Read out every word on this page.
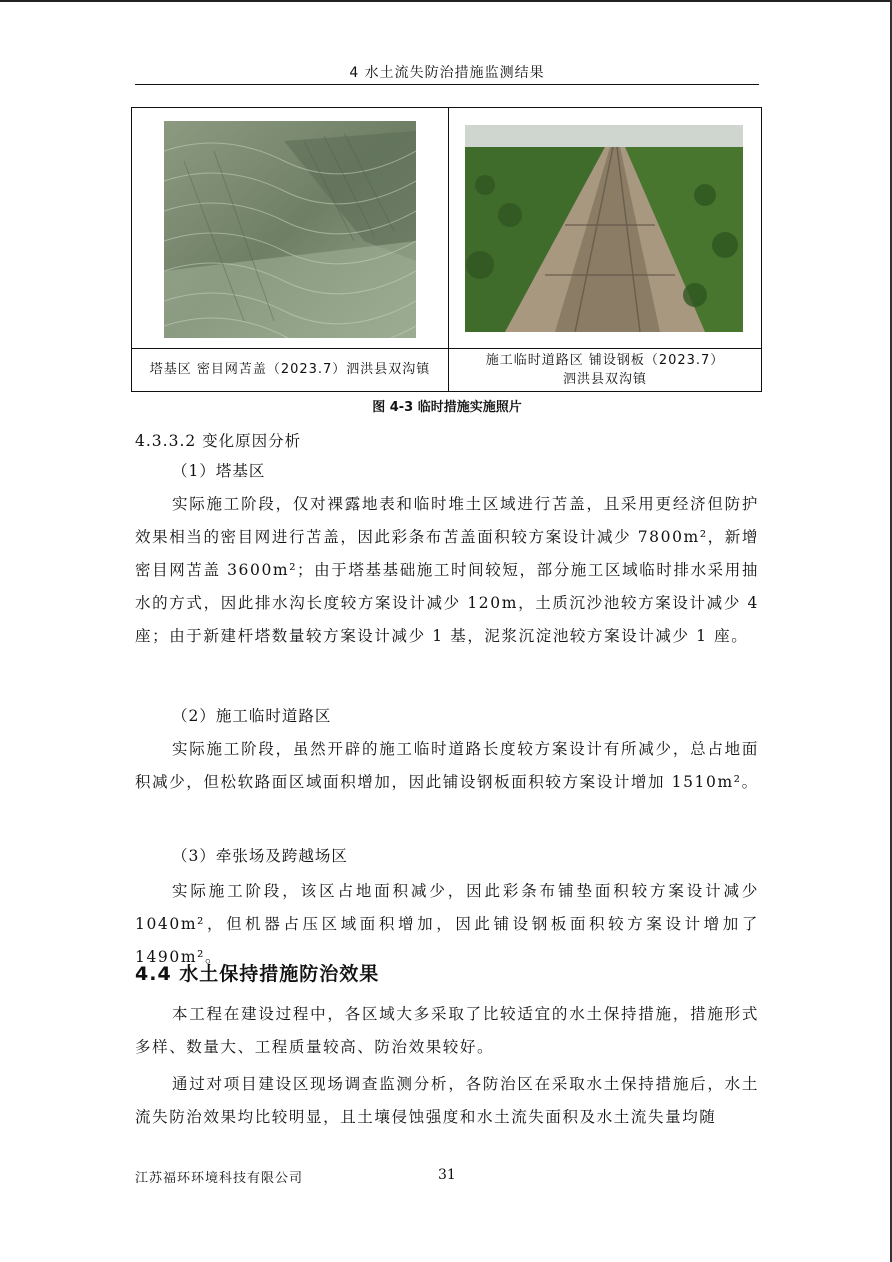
4 水土流失防治措施监测结果
塔基区 密目网苫盖（2023.7）泗洪县双沟镇
施工临时道路区 铺设钢板（2023.7）
泗洪县双沟镇
图 4-3 临时措施实施照片
4.3.3.2 变化原因分析
（1）塔基区

实际施工阶段，仅对裸露地表和临时堆土区域进行苫盖，且采用更经济但防护效果相当的密目网进行苫盖，因此彩条布苫盖面积较方案设计减少 7800m²，新增密目网苫盖 3600m²；由于塔基基础施工时间较短，部分施工区域临时排水采用抽水的方式，因此排水沟长度较方案设计减少 120m，土质沉沙池较方案设计减少 4 座；由于新建杆塔数量较方案设计减少 1 基，泥浆沉淀池较方案设计减少 1 座。

（2）施工临时道路区

实际施工阶段，虽然开辟的施工临时道路长度较方案设计有所减少，总占地面积减少，但松软路面区域面积增加，因此铺设钢板面积较方案设计增加 1510m²。

（3）牵张场及跨越场区

实际施工阶段，该区占地面积减少，因此彩条布铺垫面积较方案设计减少 1040m²，但机器占压区域面积增加，因此铺设钢板面积较方案设计增加了 1490m²。

4.4 水土保持措施防治效果

本工程在建设过程中，各区域大多采取了比较适宜的水土保持措施，措施形式多样、数量大、工程质量较高、防治效果较好。

通过对项目建设区现场调查监测分析，各防治区在采取水土保持措施后，水土流失防治效果均比较明显，且土壤侵蚀强度和水土流失面积及水土流失量均随

江苏福环环境科技有限公司	31
